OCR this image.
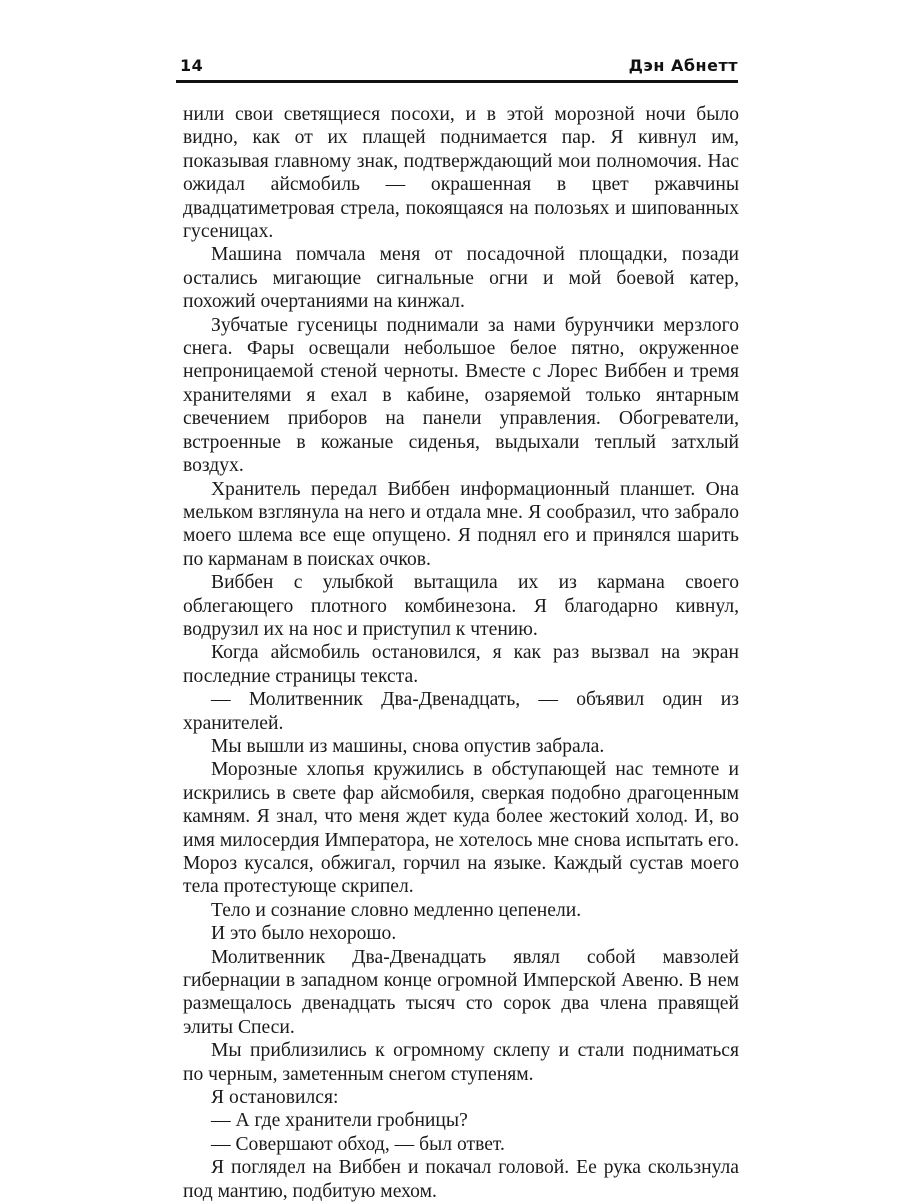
14	Дэн Абнетт

нили свои светящиеся посохи, и в этой морозной ночи было видно, как от их плащей поднимается пар. Я кивнул им, показывая главному знак, подтверждающий мои полномочия. Нас ожидал айсмобиль — окрашенная в цвет ржавчины двадцатиметровая стрела, покоящаяся на полозьях и шипованных гусеницах.

Машина помчала меня от посадочной площадки, позади остались мигающие сигнальные огни и мой боевой катер, похожий очертаниями на кинжал.

Зубчатые гусеницы поднимали за нами бурунчики мерзлого снега. Фары освещали небольшое белое пятно, окруженное непроницаемой стеной черноты. Вместе с Лорес Виббен и тремя хранителями я ехал в кабине, озаряемой только янтарным свечением приборов на панели управления. Обогреватели, встроенные в кожаные сиденья, выдыхали теплый затхлый воздух.

Хранитель передал Виббен информационный планшет. Она мельком взглянула на него и отдала мне. Я сообразил, что забрало моего шлема все еще опущено. Я поднял его и принялся шарить по карманам в поисках очков.

Виббен с улыбкой вытащила их из кармана своего облегающего плотного комбинезона. Я благодарно кивнул, водрузил их на нос и приступил к чтению.

Когда айсмобиль остановился, я как раз вызвал на экран последние страницы текста.

— Молитвенник Два-Двенадцать, — объявил один из хранителей.

Мы вышли из машины, снова опустив забрала.

Морозные хлопья кружились в обступающей нас темноте и искрились в свете фар айсмобиля, сверкая подобно драгоценным камням. Я знал, что меня ждет куда более жестокий холод. И, во имя милосердия Императора, не хотелось мне снова испытать его. Мороз кусался, обжигал, горчил на языке. Каждый сустав моего тела протестующе скрипел.

Тело и сознание словно медленно цепенели.

И это было нехорошо.

Молитвенник Два-Двенадцать являл собой мавзолей гибернации в западном конце огромной Имперской Авеню. В нем размещалось двенадцать тысяч сто сорок два члена правящей элиты Спеси.

Мы приблизились к огромному склепу и стали подниматься по черным, заметенным снегом ступеням.

Я остановился:

— А где хранители гробницы?

— Совершают обход, — был ответ.

Я поглядел на Виббен и покачал головой. Ее рука скользнула под мантию, подбитую мехом.
